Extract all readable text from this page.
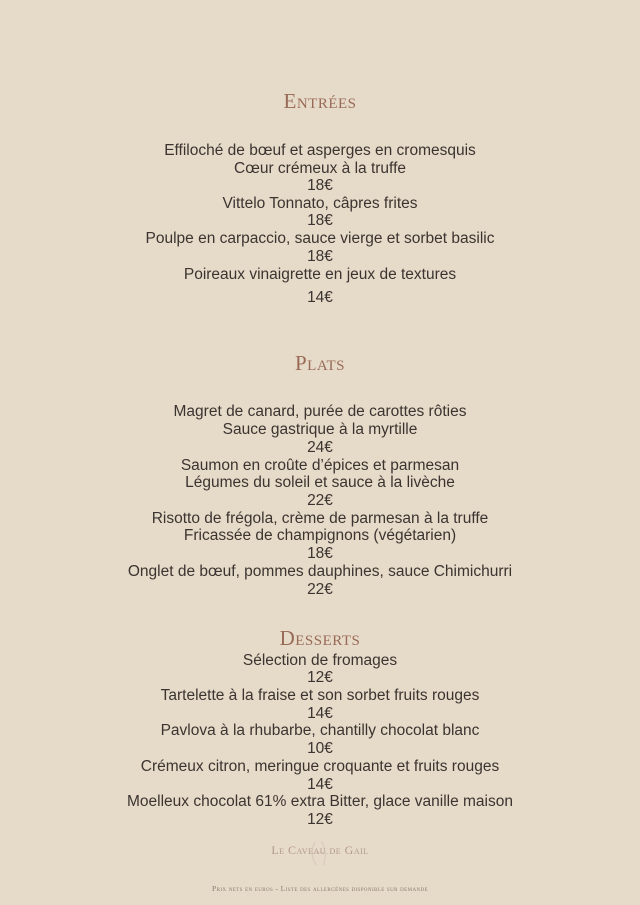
Entrées
Effiloché de bœuf et asperges en cromesquis
Cœur crémeux à la truffe
18€
Vittelo Tonnato, câpres frites
18€
Poulpe en carpaccio, sauce vierge et sorbet basilic
18€
Poireaux vinaigrette en jeux de textures
14€
Plats
Magret de canard, purée de carottes rôties
Sauce gastrique à la myrtille
24€
Saumon en croûte d’épices et parmesan
Légumes du soleil et sauce à la livèche
22€
Risotto de frégola, crème de parmesan à la truffe
Fricassée de champignons (végétarien)
18€
Onglet de bœuf, pommes dauphines, sauce Chimichurri
22€
Desserts
Sélection de fromages
12€
Tartelette à la fraise et son sorbet fruits rouges
14€
Pavlova à la rhubarbe, chantilly chocolat blanc
10€
Crémeux citron, meringue croquante et fruits rouges
14€
Moelleux chocolat 61% extra Bitter, glace vanille maison
12€
Le Caveau de Gail
Prix nets en euros - Liste des allergènes disponible sur demande
